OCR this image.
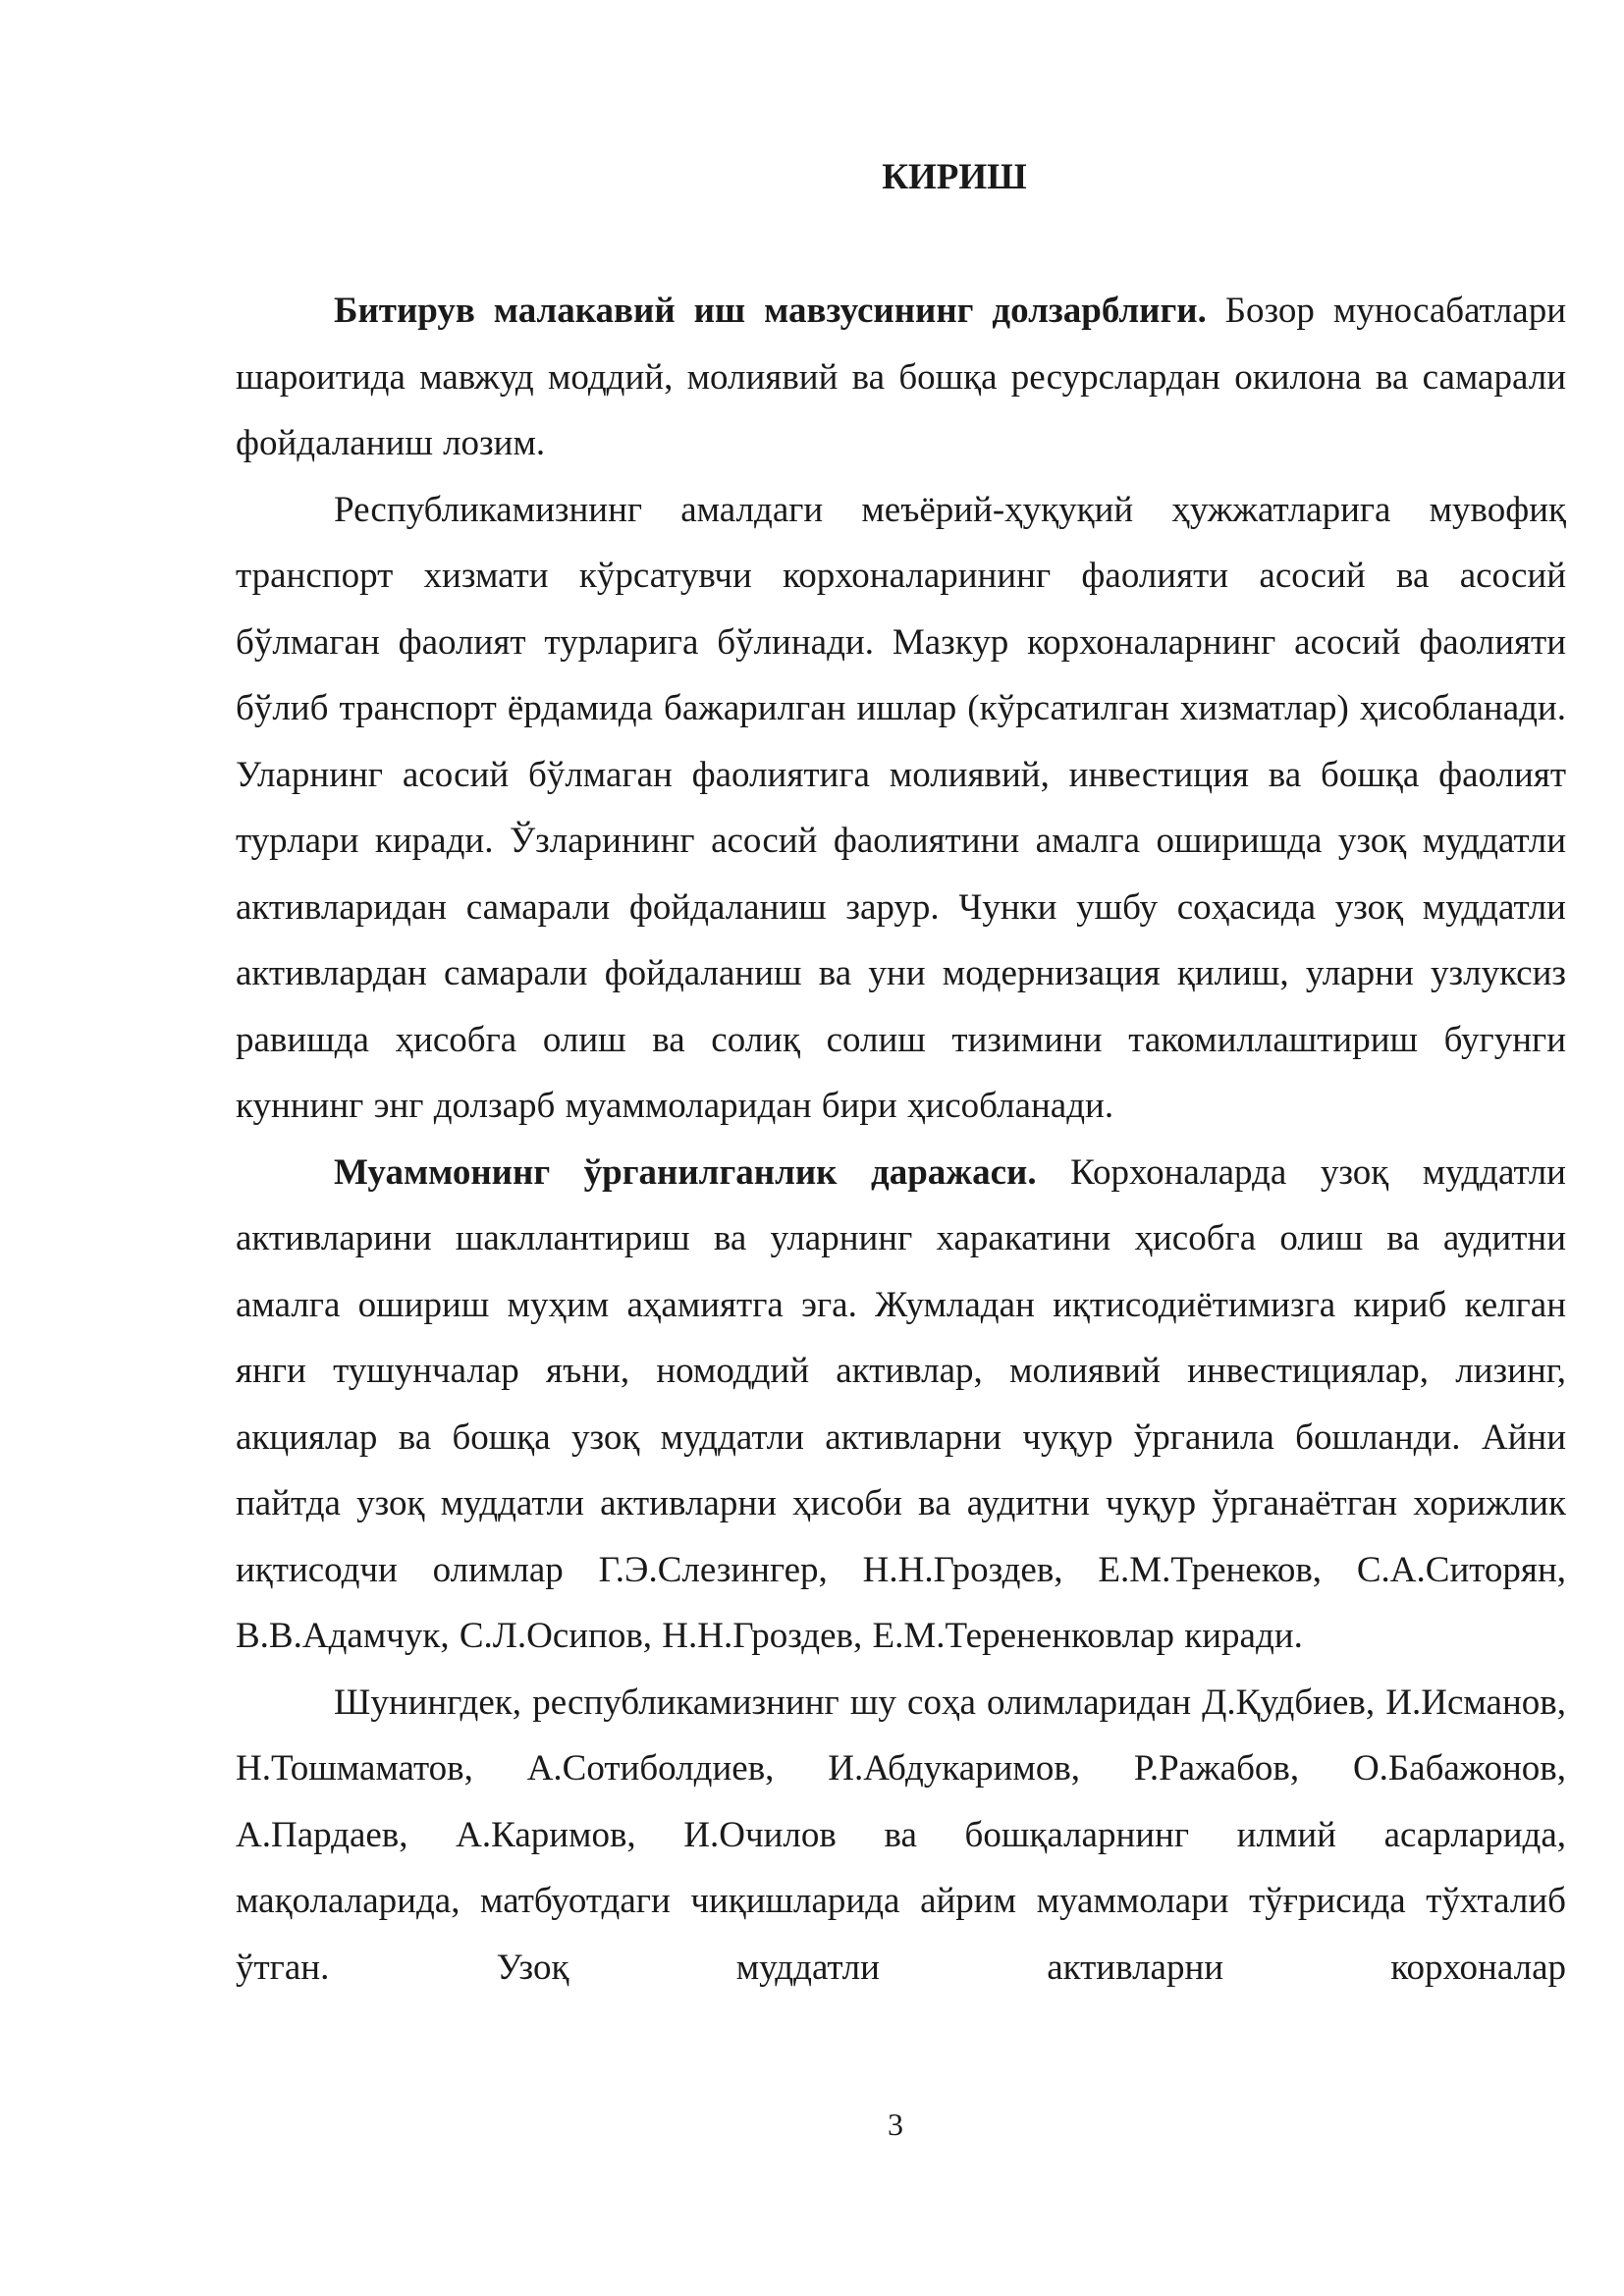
КИРИШ

Битирув малакавий иш мавзусининг долзарблиги. Бозор муносабатлари шароитида мавжуд моддий, молиявий ва бошқа ресурслардан окилона ва самарали фойдаланиш лозим.

Республикамизнинг амалдаги меъёрий-ҳуқуқий ҳужжатларига мувофиқ транспорт хизмати кўрсатувчи корхоналарининг фаолияти асосий ва асосий бўлмаган фаолият турларига бўлинади. Мазкур корхоналарнинг асосий фаолияти бўлиб транспорт ёрдамида бажарилган ишлар (кўрсатилган хизматлар) ҳисобланади. Уларнинг асосий бўлмаган фаолиятига молиявий, инвестиция ва бошқа фаолият турлари киради. Ўзларининг асосий фаолиятини амалга оширишда узоқ муддатли активларидан самарали фойдаланиш зарур. Чунки ушбу соҳасида узоқ муддатли активлардан самарали фойдаланиш ва уни модернизация қилиш, уларни узлуксиз равишда ҳисобга олиш ва солиқ солиш тизимини такомиллаштириш бугунги куннинг энг долзарб муаммоларидан бири ҳисобланади.

Муаммонинг ўрганилганлик даражаси. Корхоналарда узоқ муддатли активларини шакллантириш ва уларнинг харакатини ҳисобга олиш ва аудитни амалга ошириш муҳим аҳамиятга эга. Жумладан иқтисодиётимизга кириб келган янги тушунчалар яъни, номоддий активлар, молиявий инвестициялар, лизинг, акциялар ва бошқа узоқ муддатли активларни чуқур ўрганила бошланди. Айни пайтда узоқ муддатли активларни ҳисоби ва аудитни чуқур ўрганаётган хорижлик иқтисодчи олимлар Г.Э.Слезингер, Н.Н.Гроздев, Е.М.Тренеков, С.А.Ситорян, В.В.Адамчук, С.Л.Осипов, Н.Н.Гроздев, Е.М.Терененковлар киради.

Шунингдек, республикамизнинг шу соҳа олимларидан Д.Қудбиев, И.Исманов, Н.Тошмаматов, А.Сотиболдиев, И.Абдукаримов, Р.Ражабов, О.Бабажонов, А.Пардаев, А.Каримов, И.Очилов ва бошқаларнинг илмий асарларида, мақолаларида, матбуотдаги чиқишларида айрим муаммолари тўғрисида тўхталиб ўтган. Узоқ муддатли активларни корхоналар

3
